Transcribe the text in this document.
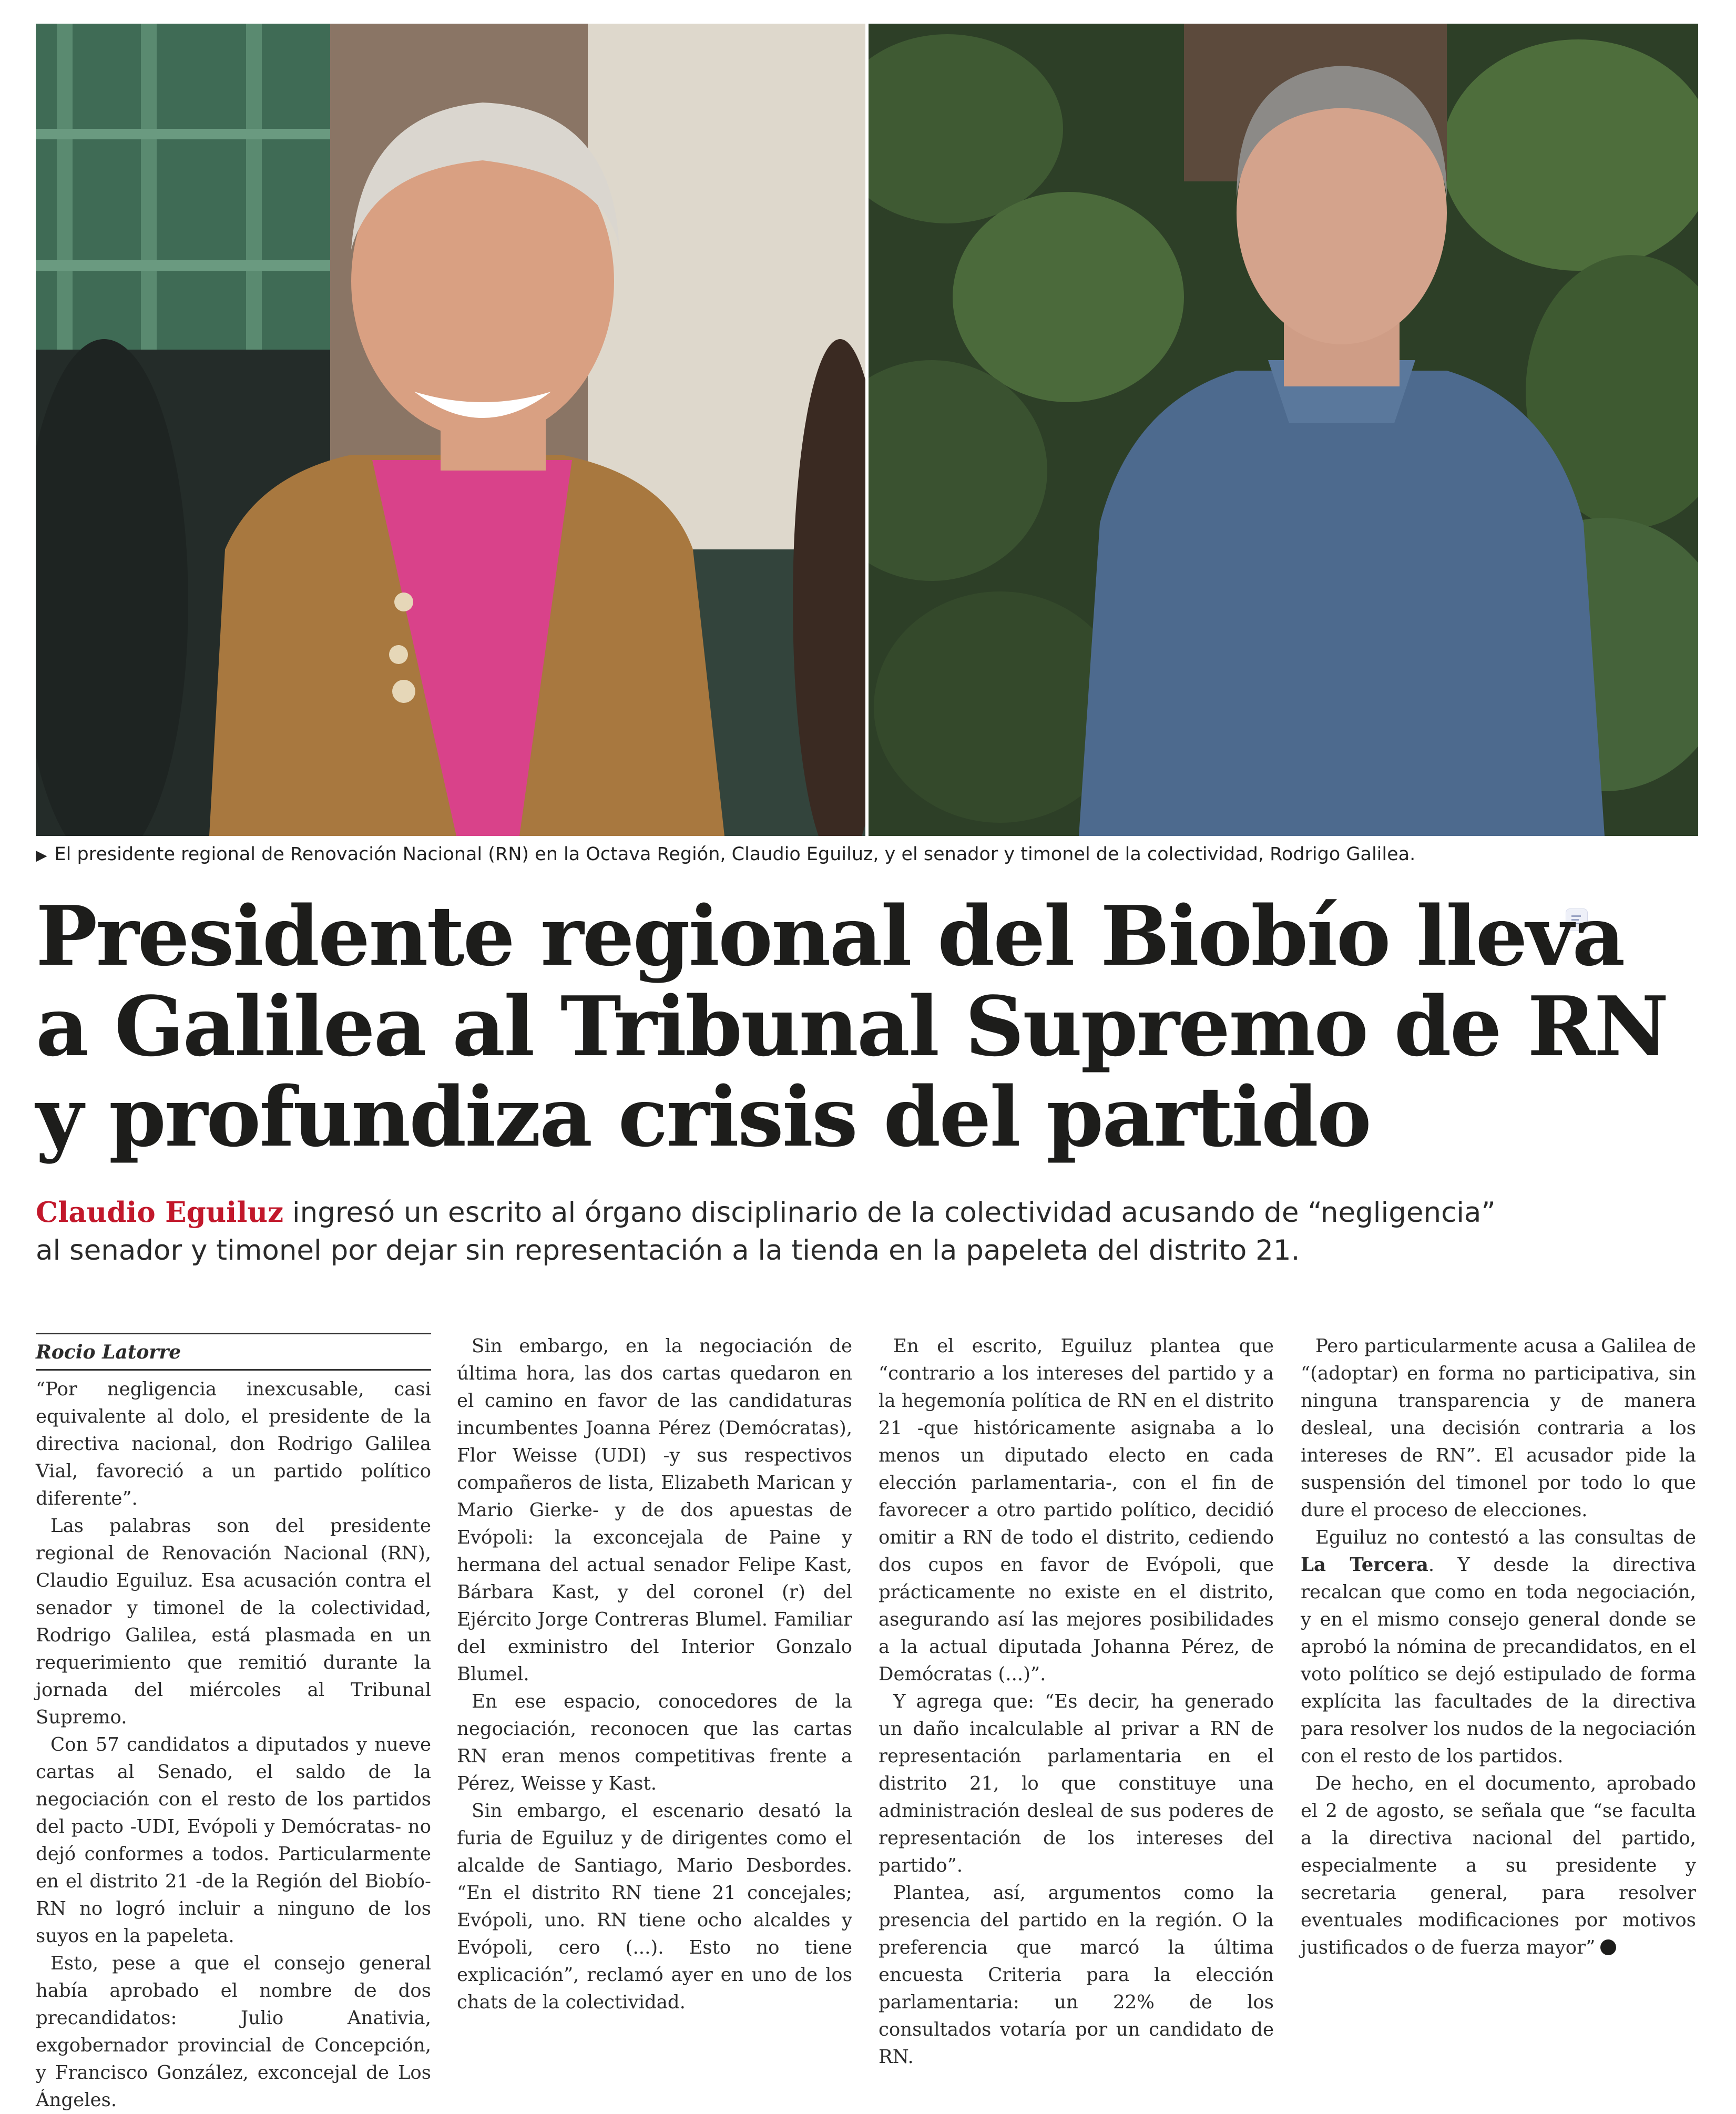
▶ El presidente regional de Renovación Nacional (RN) en la Octava Región, Claudio Eguiluz, y el senador y timonel de la colectividad, Rodrigo Galilea.
Presidente regional del Biobío lleva
a Galilea al Tribunal Supremo de RN
y profundiza crisis del partido
Claudio Eguiluz ingresó un escrito al órgano disciplinario de la colectividad acusando de “negligencia”
al senador y timonel por dejar sin representación a la tienda en la papeleta del distrito 21.
Rocio Latorre

“Por negligencia inexcusable, casi equivalente al dolo, el presidente de la directiva nacional, don Rodrigo Galilea Vial, favoreció a un partido político diferente”.

Las palabras son del presidente regional de Renovación Nacional (RN), Claudio Eguiluz. Esa acusación contra el senador y timonel de la colectividad, Rodrigo Galilea, está plasmada en un requerimiento que remitió durante la jornada del miércoles al Tribunal Supremo.

Con 57 candidatos a diputados y nueve cartas al Senado, el saldo de la negociación con el resto de los partidos del pacto -UDI, Evópoli y Demócratas- no dejó conformes a todos. Particularmente en el distrito 21 -de la Región del Biobío- RN no logró incluir a ninguno de los suyos en la papeleta.

Esto, pese a que el consejo general había aprobado el nombre de dos precandidatos: Julio Anativia, exgobernador provincial de Concepción, y Francisco González, exconcejal de Los Ángeles.

Sin embargo, en la negociación de última hora, las dos cartas quedaron en el camino en favor de las candidaturas incumbentes Joanna Pérez (Demócratas), Flor Weisse (UDI) -y sus respectivos compañeros de lista, Elizabeth Marican y Mario Gierke- y de dos apuestas de Evópoli: la exconcejala de Paine y hermana del actual senador Felipe Kast, Bárbara Kast, y del coronel (r) del Ejército Jorge Contreras Blumel. Familiar del exministro del Interior Gonzalo Blumel.

En ese espacio, conocedores de la negociación, reconocen que las cartas RN eran menos competitivas frente a Pérez, Weisse y Kast.

Sin embargo, el escenario desató la furia de Eguiluz y de dirigentes como el alcalde de Santiago, Mario Desbordes. “En el distrito RN tiene 21 concejales; Evópoli, uno. RN tiene ocho alcaldes y Evópoli, cero (...). Esto no tiene explicación”, reclamó ayer en uno de los chats de la colectividad.

En el escrito, Eguiluz plantea que “contrario a los intereses del partido y a la hegemonía política de RN en el distrito 21 -que históricamente asignaba a lo menos un diputado electo en cada elección parlamentaria-, con el fin de favorecer a otro partido político, decidió omitir a RN de todo el distrito, cediendo dos cupos en favor de Evópoli, que prácticamente no existe en el distrito, asegurando así las mejores posibilidades a la actual diputada Johanna Pérez, de Demócratas (...)”.

Y agrega que: “Es decir, ha generado un daño incalculable al privar a RN de representación parlamentaria en el distrito 21, lo que constituye una administración desleal de sus poderes de representación de los intereses del partido”.

Plantea, así, argumentos como la presencia del partido en la región. O la preferencia que marcó la última encuesta Criteria para la elección parlamentaria: un 22% de los consultados votaría por un candidato de RN.

Pero particularmente acusa a Galilea de “(adoptar) en forma no participativa, sin ninguna transparencia y de manera desleal, una decisión contraria a los intereses de RN”. El acusador pide la suspensión del timonel por todo lo que dure el proceso de elecciones.

Eguiluz no contestó a las consultas de La Tercera. Y desde la directiva recalcan que como en toda negociación, y en el mismo consejo general donde se aprobó la nómina de precandidatos, en el voto político se dejó estipulado de forma explícita las facultades de la directiva para resolver los nudos de la negociación con el resto de los partidos.

De hecho, en el documento, aprobado el 2 de agosto, se señala que “se faculta a la directiva nacional del partido, especialmente a su presidente y secretaria general, para resolver eventuales modificaciones por motivos justificados o de fuerza mayor”
